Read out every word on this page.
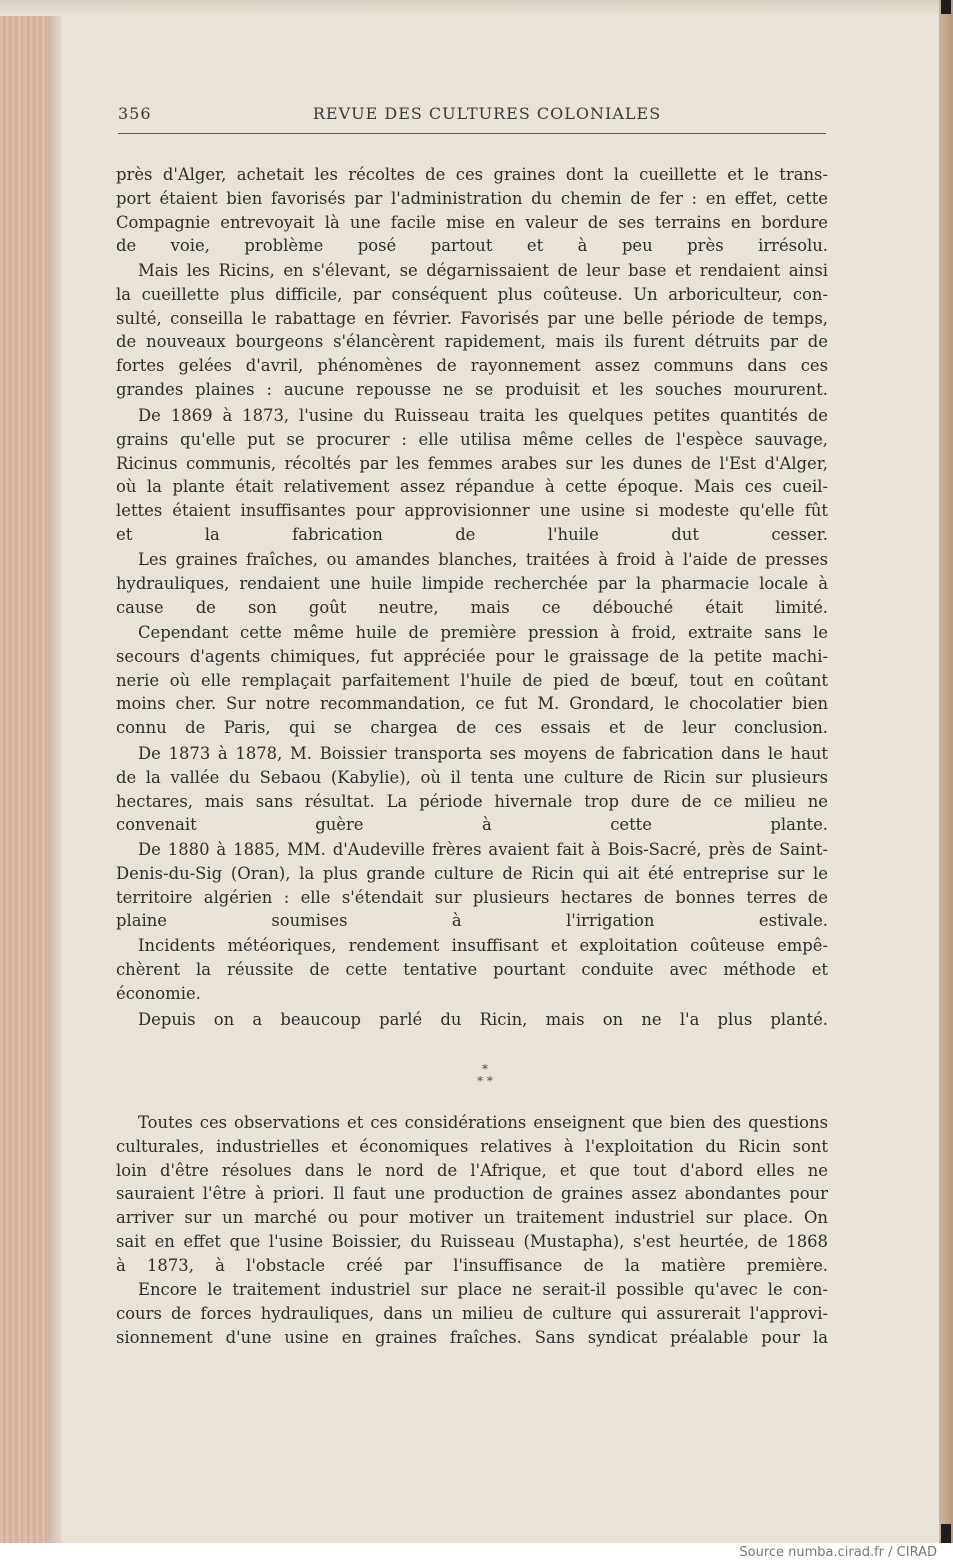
356	REVUE DES CULTURES COLONIALES
près d'Alger, achetait les récoltes de ces graines dont la cueillette et le trans-
port étaient bien favorisés par l'administration du chemin de fer : en effet, cette
Compagnie entrevoyait là une facile mise en valeur de ses terrains en bordure
de voie, problème posé partout et à peu près irrésolu.
Mais les Ricins, en s'élevant, se dégarnissaient de leur base et rendaient ainsi
la cueillette plus difficile, par conséquent plus coûteuse. Un arboriculteur, con-
sulté, conseilla le rabattage en février. Favorisés par une belle période de temps,
de nouveaux bourgeons s'élancèrent rapidement, mais ils furent détruits par de
fortes gelées d'avril, phénomènes de rayonnement assez communs dans ces
grandes plaines : aucune repousse ne se produisit et les souches moururent.
De 1869 à 1873, l'usine du Ruisseau traita les quelques petites quantités de
grains qu'elle put se procurer : elle utilisa même celles de l'espèce sauvage,
Ricinus communis, récoltés par les femmes arabes sur les dunes de l'Est d'Alger,
où la plante était relativement assez répandue à cette époque. Mais ces cueil-
lettes étaient insuffisantes pour approvisionner une usine si modeste qu'elle fût
et la fabrication de l'huile dut cesser.
Les graines fraîches, ou amandes blanches, traitées à froid à l'aide de presses
hydrauliques, rendaient une huile limpide recherchée par la pharmacie locale à
cause de son goût neutre, mais ce débouché était limité.
Cependant cette même huile de première pression à froid, extraite sans le
secours d'agents chimiques, fut appréciée pour le graissage de la petite machi-
nerie où elle remplaçait parfaitement l'huile de pied de bœuf, tout en coûtant
moins cher. Sur notre recommandation, ce fut M. Grondard, le chocolatier bien
connu de Paris, qui se chargea de ces essais et de leur conclusion.
De 1873 à 1878, M. Boissier transporta ses moyens de fabrication dans le haut
de la vallée du Sebaou (Kabylie), où il tenta une culture de Ricin sur plusieurs
hectares, mais sans résultat. La période hivernale trop dure de ce milieu ne
convenait guère à cette plante.
De 1880 à 1885, MM. d'Audeville frères avaient fait à Bois-Sacré, près de Saint-
Denis-du-Sig (Oran), la plus grande culture de Ricin qui ait été entreprise sur le
territoire algérien : elle s'étendait sur plusieurs hectares de bonnes terres de
plaine soumises à l'irrigation estivale.
Incidents météoriques, rendement insuffisant et exploitation coûteuse empê-
chèrent la réussite de cette tentative pourtant conduite avec méthode et
économie.
Depuis on a beaucoup parlé du Ricin, mais on ne l'a plus planté.
*
* *
Toutes ces observations et ces considérations enseignent que bien des questions
culturales, industrielles et économiques relatives à l'exploitation du Ricin sont
loin d'être résolues dans le nord de l'Afrique, et que tout d'abord elles ne
sauraient l'être à priori. Il faut une production de graines assez abondantes pour
arriver sur un marché ou pour motiver un traitement industriel sur place. On
sait en effet que l'usine Boissier, du Ruisseau (Mustapha), s'est heurtée, de 1868
à 1873, à l'obstacle créé par l'insuffisance de la matière première.
Encore le traitement industriel sur place ne serait-il possible qu'avec le con-
cours de forces hydrauliques, dans un milieu de culture qui assurerait l'approvi-
sionnement d'une usine en graines fraîches. Sans syndicat préalable pour la
Source numba.cirad.fr / CIRAD
